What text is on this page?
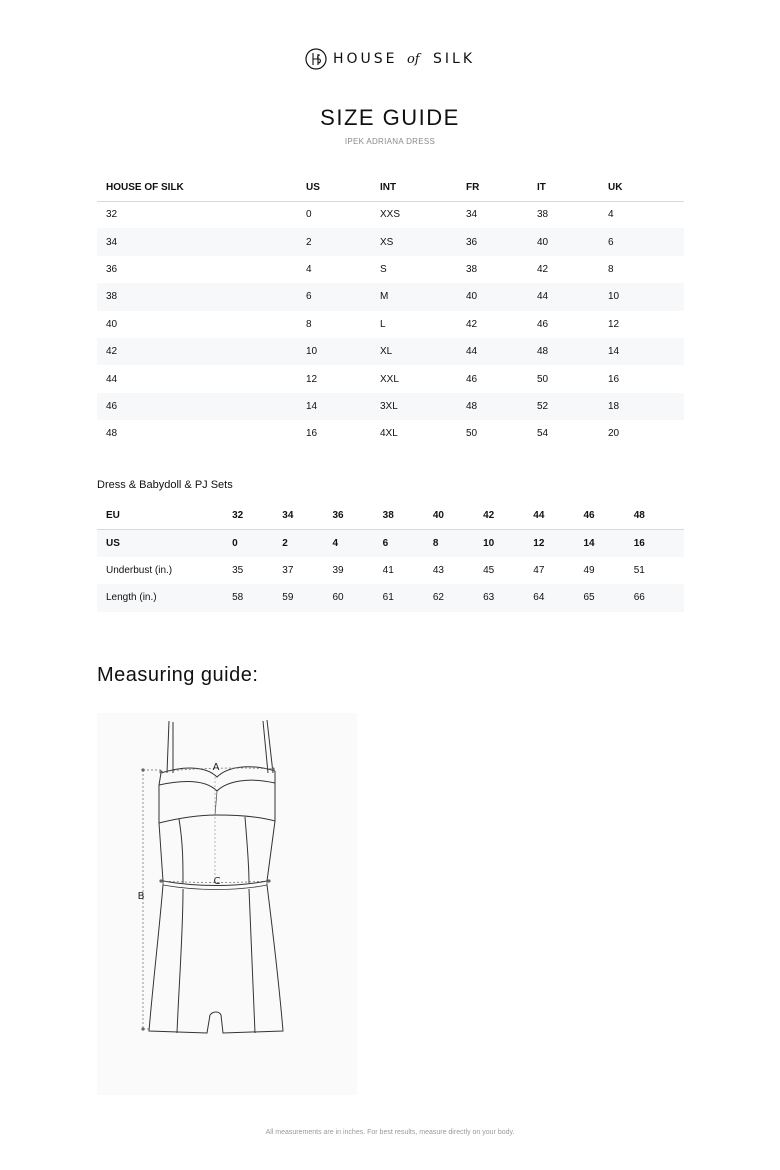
HOUSE of SILK
SIZE GUIDE
IPEK ADRIANA DRESS
HOUSE OF SILK	US	INT	FR	IT	UK
32	0	XXS	34	38	4
34	2	XS	36	40	6
36	4	S	38	42	8
38	6	M	40	44	10
40	8	L	42	46	12
42	10	XL	44	48	14
44	12	XXL	46	50	16
46	14	3XL	48	52	18
48	16	4XL	50	54	20
Dress & Babydoll & PJ Sets
EU	32	34	36	38	40	42	44	46	48
US	0	2	4	6	8	10	12	14	16
Underbust (in.)	35	37	39	41	43	45	47	49	51
Length (in.)	58	59	60	61	62	63	64	65	66
Measuring guide:
A
C
B
All measurements are in inches. For best results, measure directly on your body.
